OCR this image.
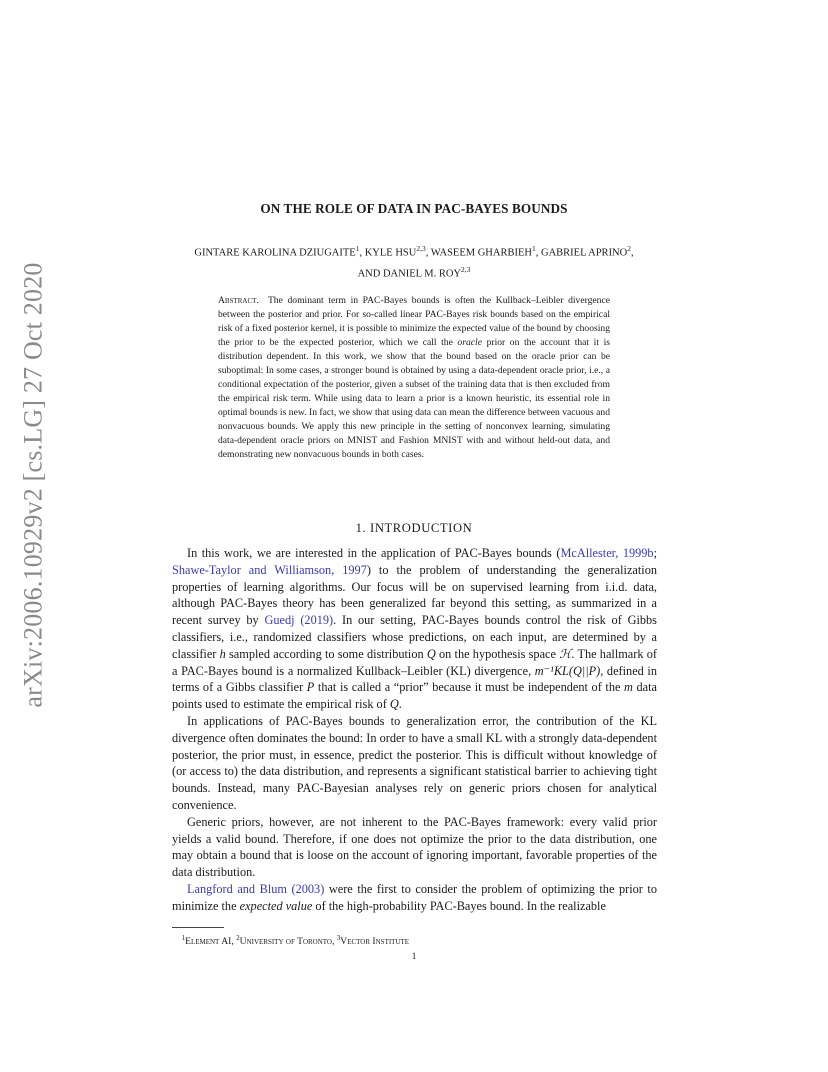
arXiv:2006.10929v2 [cs.LG] 27 Oct 2020
ON THE ROLE OF DATA IN PAC-BAYES BOUNDS
GINTARE KAROLINA DZIUGAITE$^1$, KYLE HSU$^{2,3}$, WASEEM GHARBIEH$^1$, GABRIEL APRINO$^2$,
AND DANIEL M. ROY$^{2,3}$
Abstract. The dominant term in PAC-Bayes bounds is often the Kullback–Leibler divergence between the posterior and prior. For so-called linear PAC-Bayes risk bounds based on the empirical risk of a fixed posterior kernel, it is possible to minimize the expected value of the bound by choosing the prior to be the expected posterior, which we call the oracle prior on the account that it is distribution dependent. In this work, we show that the bound based on the oracle prior can be suboptimal: In some cases, a stronger bound is obtained by using a data-dependent oracle prior, i.e., a conditional expectation of the posterior, given a subset of the training data that is then excluded from the empirical risk term. While using data to learn a prior is a known heuristic, its essential role in optimal bounds is new. In fact, we show that using data can mean the difference between vacuous and nonvacuous bounds. We apply this new principle in the setting of nonconvex learning, simulating data-dependent oracle priors on MNIST and Fashion MNIST with and without held-out data, and demonstrating new nonvacuous bounds in both cases.
1. INTRODUCTION

In this work, we are interested in the application of PAC-Bayes bounds (McAllester, 1999b; Shawe-Taylor and Williamson, 1997) to the problem of understanding the generalization properties of learning algorithms. Our focus will be on supervised learning from i.i.d. data, although PAC-Bayes theory has been generalized far beyond this setting, as summarized in a recent survey by Guedj (2019). In our setting, PAC-Bayes bounds control the risk of Gibbs classifiers, i.e., randomized classifiers whose predictions, on each input, are determined by a classifier h sampled according to some distribution Q on the hypothesis space ℋ. The hallmark of a PAC-Bayes bound is a normalized Kullback–Leibler (KL) divergence, m⁻¹KL(Q||P), defined in terms of a Gibbs classifier P that is called a “prior” because it must be independent of the m data points used to estimate the empirical risk of Q.

In applications of PAC-Bayes bounds to generalization error, the contribution of the KL divergence often dominates the bound: In order to have a small KL with a strongly data-dependent posterior, the prior must, in essence, predict the posterior. This is difficult without knowledge of (or access to) the data distribution, and represents a significant statistical barrier to achieving tight bounds. Instead, many PAC-Bayesian analyses rely on generic priors chosen for analytical convenience.

Generic priors, however, are not inherent to the PAC-Bayes framework: every valid prior yields a valid bound. Therefore, if one does not optimize the prior to the data distribution, one may obtain a bound that is loose on the account of ignoring important, favorable properties of the data distribution.

Langford and Blum (2003) were the first to consider the problem of optimizing the prior to minimize the expected value of the high-probability PAC-Bayes bound. In the realizable

$^1$Element AI, $^2$University of Toronto, $^3$Vector Institute
1
